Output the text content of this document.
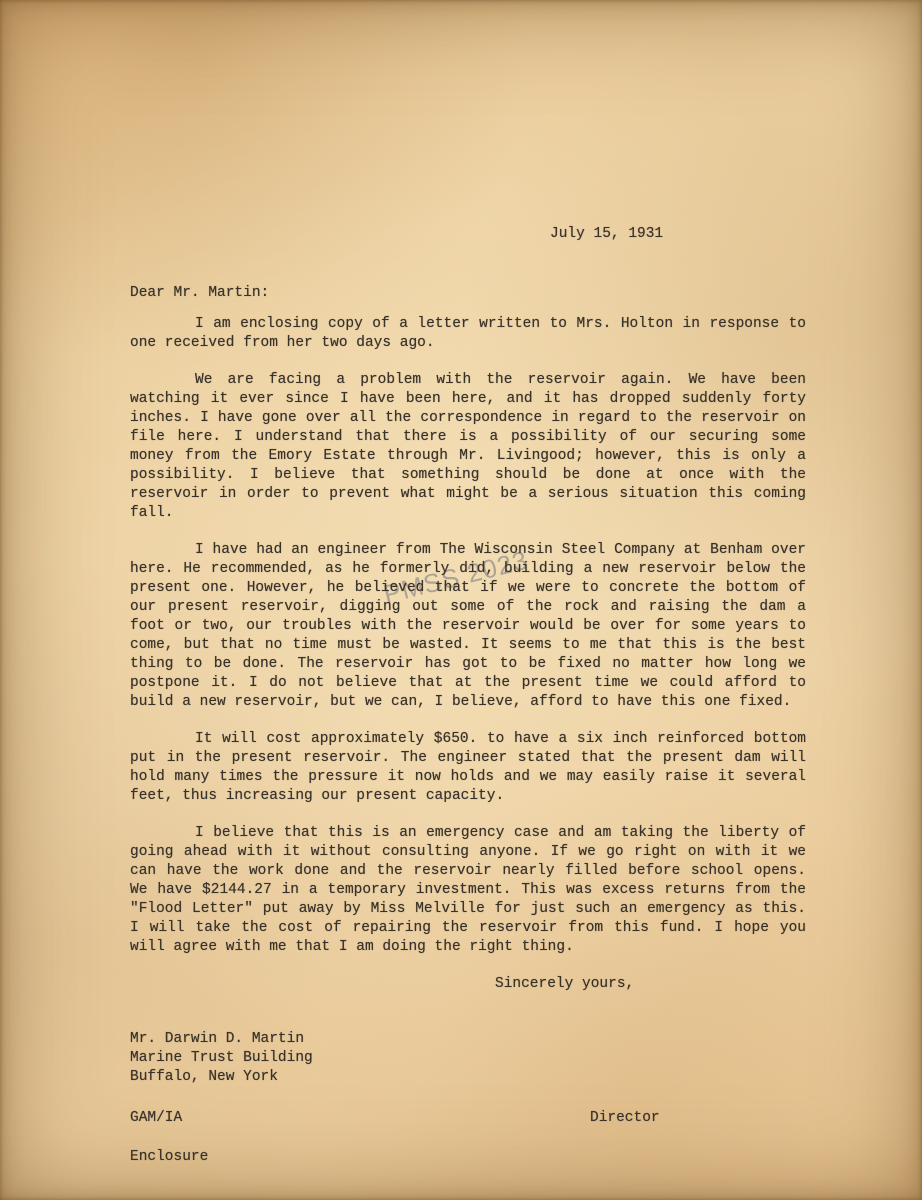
PMSS 2023
July 15, 1931
Dear Mr. Martin:

I am enclosing copy of a letter written to Mrs. Holton in response to one received from her two days ago.

We are facing a problem with the reservoir again. We have been watching it ever since I have been here, and it has dropped suddenly forty inches. I have gone over all the correspondence in regard to the reservoir on file here. I understand that there is a possibility of our securing some money from the Emory Estate through Mr. Livingood; however, this is only a possibility. I believe that something should be done at once with the reservoir in order to prevent what might be a serious situation this coming fall.

I have had an engineer from The Wisconsin Steel Company at Benham over here. He recommended, as he formerly did, building a new reservoir below the present one. However, he believed that if we were to concrete the bottom of our present reservoir, digging out some of the rock and raising the dam a foot or two, our troubles with the reservoir would be over for some years to come, but that no time must be wasted. It seems to me that this is the best thing to be done. The reservoir has got to be fixed no matter how long we postpone it. I do not believe that at the present time we could afford to build a new reservoir, but we can, I believe, afford to have this one fixed.

It will cost approximately $650. to have a six inch reinforced bottom put in the present reservoir. The engineer stated that the present dam will hold many times the pressure it now holds and we may easily raise it several feet, thus increasing our present capacity.

I believe that this is an emergency case and am taking the liberty of going ahead with it without consulting anyone. If we go right on with it we can have the work done and the reservoir nearly filled before school opens. We have $2144.27 in a temporary investment. This was excess returns from the "Flood Letter" put away by Miss Melville for just such an emergency as this. I will take the cost of repairing the reservoir from this fund. I hope you will agree with me that I am doing the right thing.

Sincerely yours,
Mr. Darwin D. Martin
Marine Trust Building
Buffalo, New York
GAM/IA	Director
Enclosure
